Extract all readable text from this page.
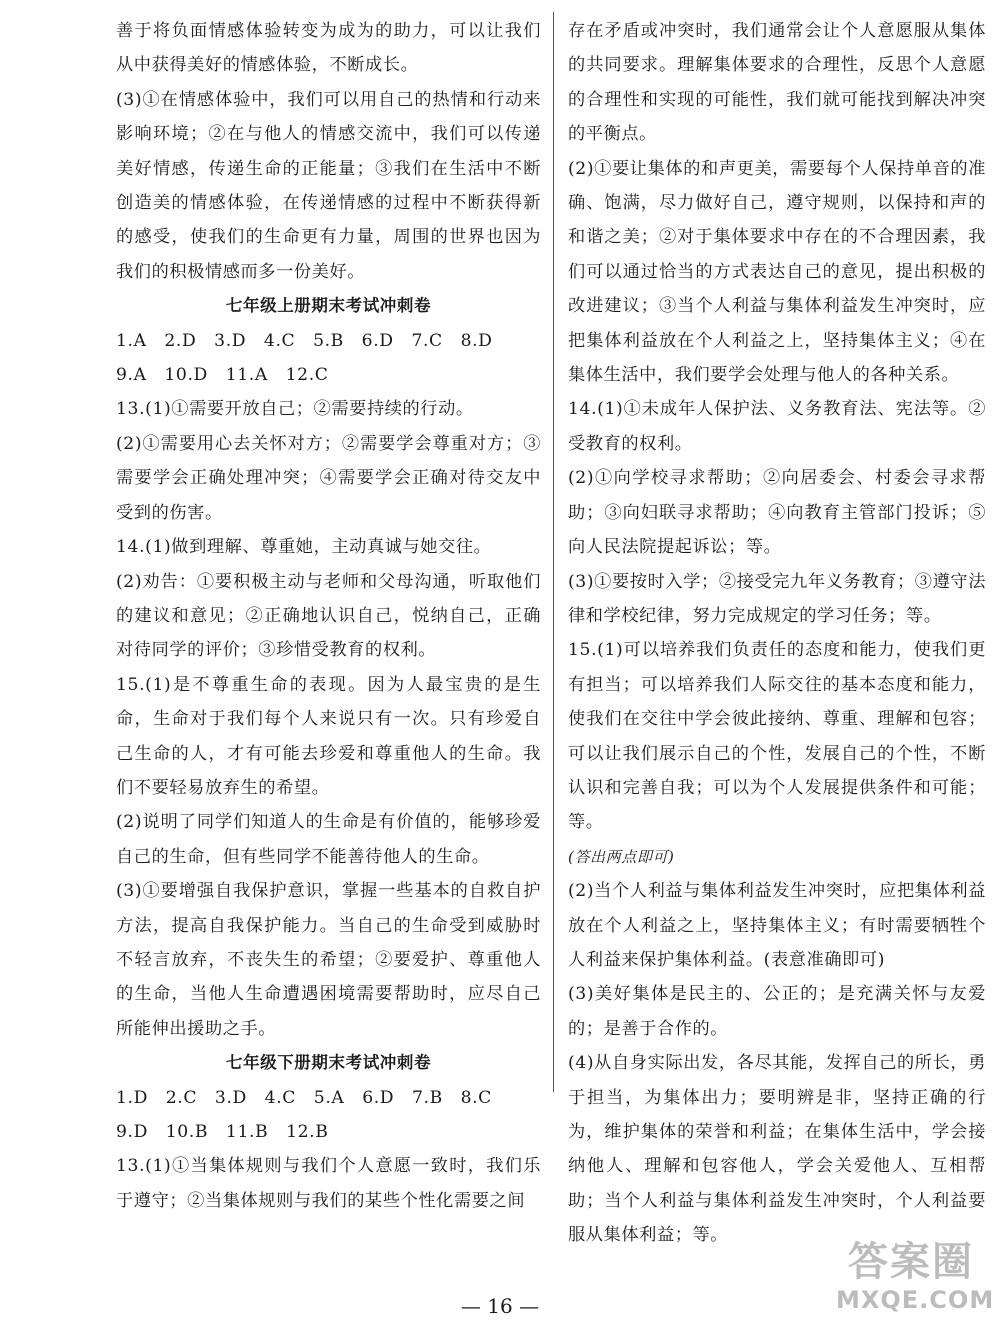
善于将负面情感体验转变为成为的助力，可以让我们从中获得美好的情感体验，不断成长。

(3)①在情感体验中，我们可以用自己的热情和行动来影响环境；②在与他人的情感交流中，我们可以传递美好情感，传递生命的正能量；③我们在生活中不断创造美的情感体验，在传递情感的过程中不断获得新的感受，使我们的生命更有力量，周围的世界也因为我们的积极情感而多一份美好。

七年级上册期末考试冲刺卷

1.A　2.D　3.D　4.C　5.B　6.D　7.C　8.D

9.A　10.D　11.A　12.C

13.(1)①需要开放自己；②需要持续的行动。

(2)①需要用心去关怀对方；②需要学会尊重对方；③需要学会正确处理冲突；④需要学会正确对待交友中受到的伤害。

14.(1)做到理解、尊重她，主动真诚与她交往。

(2)劝告：①要积极主动与老师和父母沟通，听取他们的建议和意见；②正确地认识自己，悦纳自己，正确对待同学的评价；③珍惜受教育的权利。

15.(1)是不尊重生命的表现。因为人最宝贵的是生命，生命对于我们每个人来说只有一次。只有珍爱自己生命的人，才有可能去珍爱和尊重他人的生命。我们不要轻易放弃生的希望。

(2)说明了同学们知道人的生命是有价值的，能够珍爱自己的生命，但有些同学不能善待他人的生命。

(3)①要增强自我保护意识，掌握一些基本的自救自护方法，提高自我保护能力。当自己的生命受到威胁时不轻言放弃，不丧失生的希望；②要爱护、尊重他人的生命，当他人生命遭遇困境需要帮助时，应尽自己所能伸出援助之手。

七年级下册期末考试冲刺卷

1.D　2.C　3.D　4.C　5.A　6.D　7.B　8.C

9.D　10.B　11.B　12.B

13.(1)①当集体规则与我们个人意愿一致时，我们乐于遵守；②当集体规则与我们的某些个性化需要之间

存在矛盾或冲突时，我们通常会让个人意愿服从集体的共同要求。理解集体要求的合理性，反思个人意愿的合理性和实现的可能性，我们就可能找到解决冲突的平衡点。

(2)①要让集体的和声更美，需要每个人保持单音的准确、饱满，尽力做好自己，遵守规则，以保持和声的和谐之美；②对于集体要求中存在的不合理因素，我们可以通过恰当的方式表达自己的意见，提出积极的改进建议；③当个人利益与集体利益发生冲突时，应把集体利益放在个人利益之上，坚持集体主义；④在集体生活中，我们要学会处理与他人的各种关系。

14.(1)①未成年人保护法、义务教育法、宪法等。②受教育的权利。

(2)①向学校寻求帮助；②向居委会、村委会寻求帮助；③向妇联寻求帮助；④向教育主管部门投诉；⑤向人民法院提起诉讼；等。

(3)①要按时入学；②接受完九年义务教育；③遵守法律和学校纪律，努力完成规定的学习任务；等。

15.(1)可以培养我们负责任的态度和能力，使我们更有担当；可以培养我们人际交往的基本态度和能力，使我们在交往中学会彼此接纳、尊重、理解和包容；可以让我们展示自己的个性，发展自己的个性，不断认识和完善自我；可以为个人发展提供条件和可能；等。

(答出两点即可)

(2)当个人利益与集体利益发生冲突时，应把集体利益放在个人利益之上，坚持集体主义；有时需要牺牲个人利益来保护集体利益。(表意准确即可)

(3)美好集体是民主的、公正的；是充满关怀与友爱的；是善于合作的。

(4)从自身实际出发，各尽其能，发挥自己的所长，勇于担当，为集体出力；要明辨是非，坚持正确的行为，维护集体的荣誉和利益；在集体生活中，学会接纳他人、理解和包容他人，学会关爱他人、互相帮助；当个人利益与集体利益发生冲突时，个人利益要服从集体利益；等。

— 16 —
答案圈
MXQE.COM
